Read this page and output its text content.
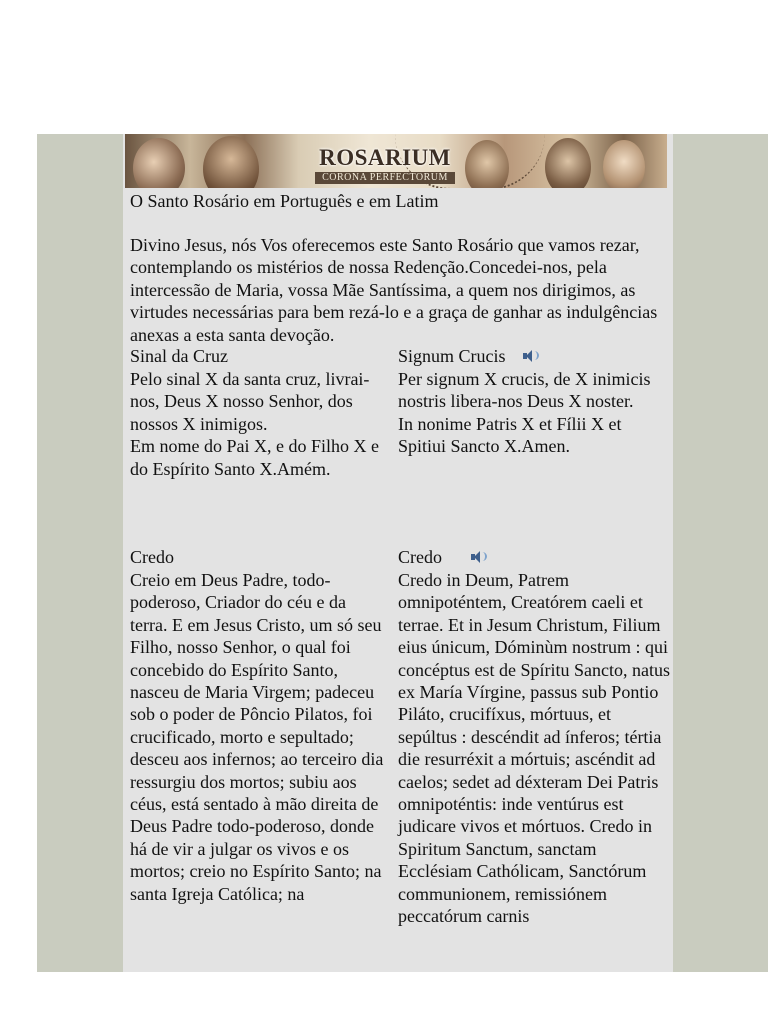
ROSARIUM
CORONA PERFECTORUM
O Santo Rosário em Português e em Latim
Divino Jesus, nós Vos oferecemos este Santo Rosário que vamos rezar, contemplando os mistérios de nossa Redenção.Concedei-nos, pela intercessão de Maria, vossa Mãe Santíssima, a quem nos dirigimos, as virtudes necessárias para bem rezá-lo e a graça de ganhar as indulgências anexas a esta santa devoção.
Sinal da Cruz
Pelo sinal X da santa cruz, livrai-nos, Deus X nosso Senhor, dos nossos X inimigos.
Em nome do Pai X, e do Filho X e do Espírito Santo X.Amém.
Signum Crucis
Per signum X crucis, de X inimicis nostris libera-nos Deus X noster.
In nonime Patris X et Fílii X et Spitiui Sancto X.Amen.
Credo
Creio em Deus Padre, todo-poderoso, Criador do céu e da terra. E em Jesus Cristo, um só seu Filho, nosso Senhor, o qual foi concebido do Espírito Santo, nasceu de Maria Virgem; padeceu sob o poder de Pôncio Pilatos, foi crucificado, morto e sepultado; desceu aos infernos; ao terceiro dia ressurgiu dos mortos; subiu aos céus, está sentado à mão direita de Deus Padre todo-poderoso, donde há de vir a julgar os vivos e os mortos; creio no Espírito Santo; na santa Igreja Católica; na
Credo
Credo in Deum, Patrem omnipoténtem, Creatórem caeli et terrae. Et in Jesum Christum, Filium eius únicum, Dóminùm nostrum : qui concéptus est de Spíritu Sancto, natus ex María Vírgine, passus sub Pontio Piláto, crucifíxus, mórtuus, et sepúltus : descéndit ad ínferos; tértia die resurréxit a mórtuis; ascéndit ad caelos; sedet ad déxteram Dei Patris omnipoténtis: inde ventúrus est judicare vivos et mórtuos. Credo in Spiritum Sanctum, sanctam Ecclésiam Cathólicam, Sanctórum communionem, remissiónem peccatórum carnis
